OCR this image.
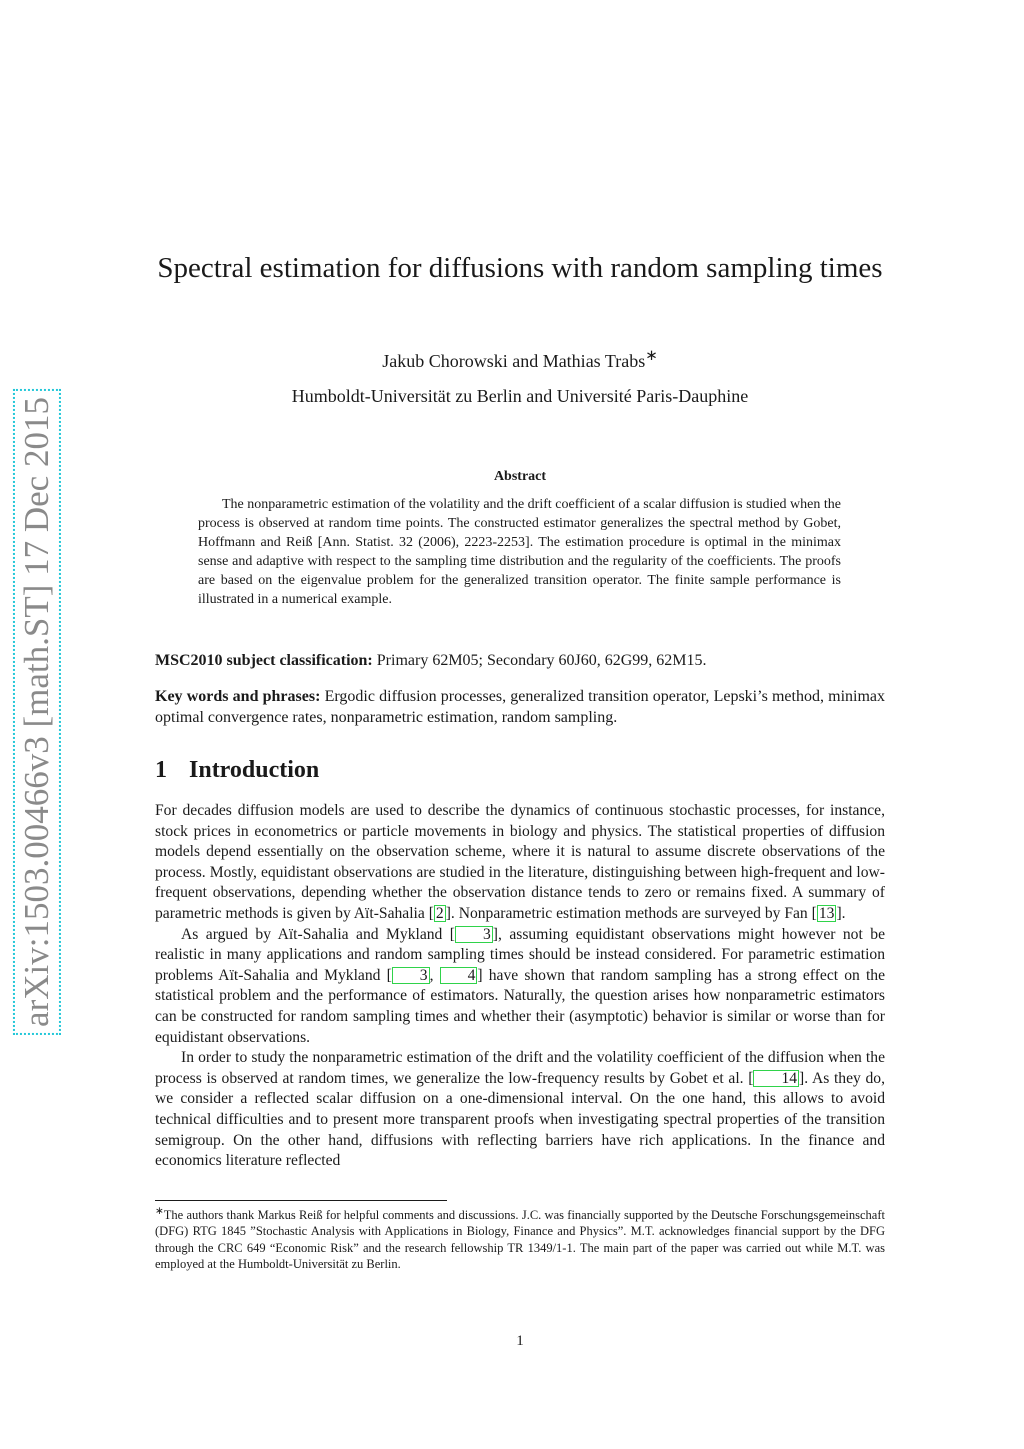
arXiv:1503.00466v3 [math.ST] 17 Dec 2015
Spectral estimation for diffusions with random sampling times
Jakub Chorowski and Mathias Trabs∗
Humboldt-Universität zu Berlin and Université Paris-Dauphine
Abstract

The nonparametric estimation of the volatility and the drift coefficient of a scalar diffusion is studied when the process is observed at random time points. The constructed estimator generalizes the spectral method by Gobet, Hoffmann and Reiß [Ann. Statist. 32 (2006), 2223-2253]. The estimation procedure is optimal in the minimax sense and adaptive with respect to the sampling time distribution and the regularity of the coefficients. The proofs are based on the eigenvalue problem for the generalized transition operator. The finite sample performance is illustrated in a numerical example.

MSC2010 subject classification: Primary 62M05; Secondary 60J60, 62G99, 62M15.

Key words and phrases: Ergodic diffusion processes, generalized transition operator, Lepski’s method, minimax optimal convergence rates, nonparametric estimation, random sampling.

1 Introduction

For decades diffusion models are used to describe the dynamics of continuous stochastic processes, for instance, stock prices in econometrics or particle movements in biology and physics. The statistical properties of diffusion models depend essentially on the observation scheme, where it is natural to assume discrete observations of the process. Mostly, equidistant observations are studied in the literature, distinguishing between high-frequent and low-frequent observations, depending whether the observation distance tends to zero or remains fixed. A summary of parametric methods is given by Aït-Sahalia [ 2 ]. Nonparametric estimation methods are surveyed by Fan [ 13 ].

As argued by Aït-Sahalia and Mykland [ 3 ], assuming equidistant observations might however not be realistic in many applications and random sampling times should be instead considered. For parametric estimation problems Aït-Sahalia and Mykland [ 3 , 4 ] have shown that random sampling has a strong effect on the statistical problem and the performance of estimators. Naturally, the question arises how nonparametric estimators can be constructed for random sampling times and whether their (asymptotic) behavior is similar or worse than for equidistant observations.

In order to study the nonparametric estimation of the drift and the volatility coefficient of the diffusion when the process is observed at random times, we generalize the low-frequency results by Gobet et al. [ 14 ]. As they do, we consider a reflected scalar diffusion on a one-dimensional interval. On the one hand, this allows to avoid technical difficulties and to present more transparent proofs when investigating spectral properties of the transition semigroup. On the other hand, diffusions with reflecting barriers have rich applications. In the finance and economics literature reflected

∗The authors thank Markus Reiß for helpful comments and discussions. J.C. was financially supported by the Deutsche Forschungsgemeinschaft (DFG) RTG 1845 ”Stochastic Analysis with Applications in Biology, Finance and Physics”. M.T. acknowledges financial support by the DFG through the CRC 649 “Economic Risk” and the research fellowship TR 1349/1-1. The main part of the paper was carried out while M.T. was employed at the Humboldt-Universität zu Berlin.

1
